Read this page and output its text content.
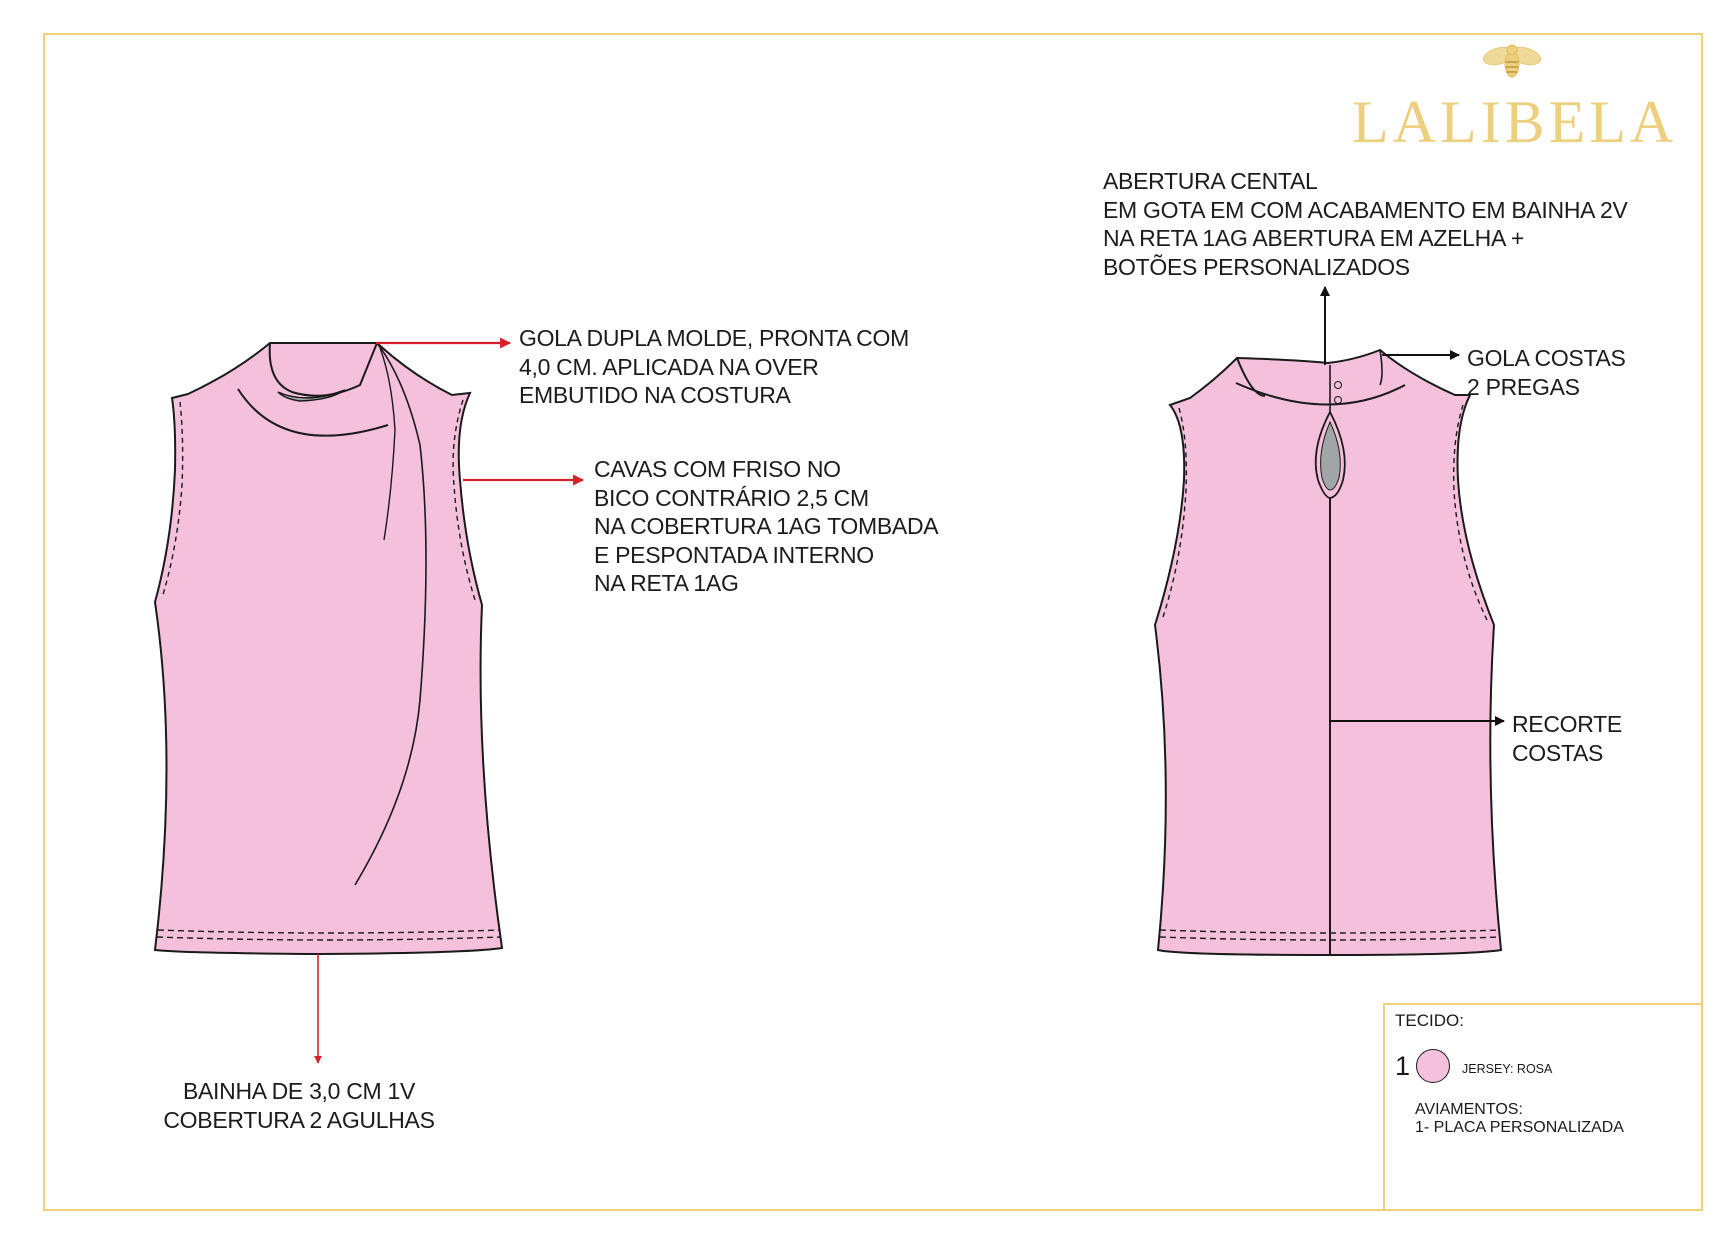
LALIBELA
GOLA DUPLA MOLDE, PRONTA COM
4,0 CM. APLICADA NA OVER
EMBUTIDO NA COSTURA
CAVAS COM FRISO NO
BICO CONTRÁRIO 2,5 CM
NA COBERTURA 1AG TOMBADA
E PESPONTADA INTERNO
NA RETA 1AG
BAINHA DE 3,0 CM 1V
COBERTURA 2 AGULHAS
ABERTURA CENTAL
EM GOTA EM COM ACABAMENTO EM BAINHA 2V
NA RETA 1AG ABERTURA EM AZELHA +
BOTÕES PERSONALIZADOS
GOLA COSTAS
2 PREGAS
RECORTE
COSTAS
TECIDO:
1	JERSEY: ROSA
AVIAMENTOS:
1- PLACA PERSONALIZADA
